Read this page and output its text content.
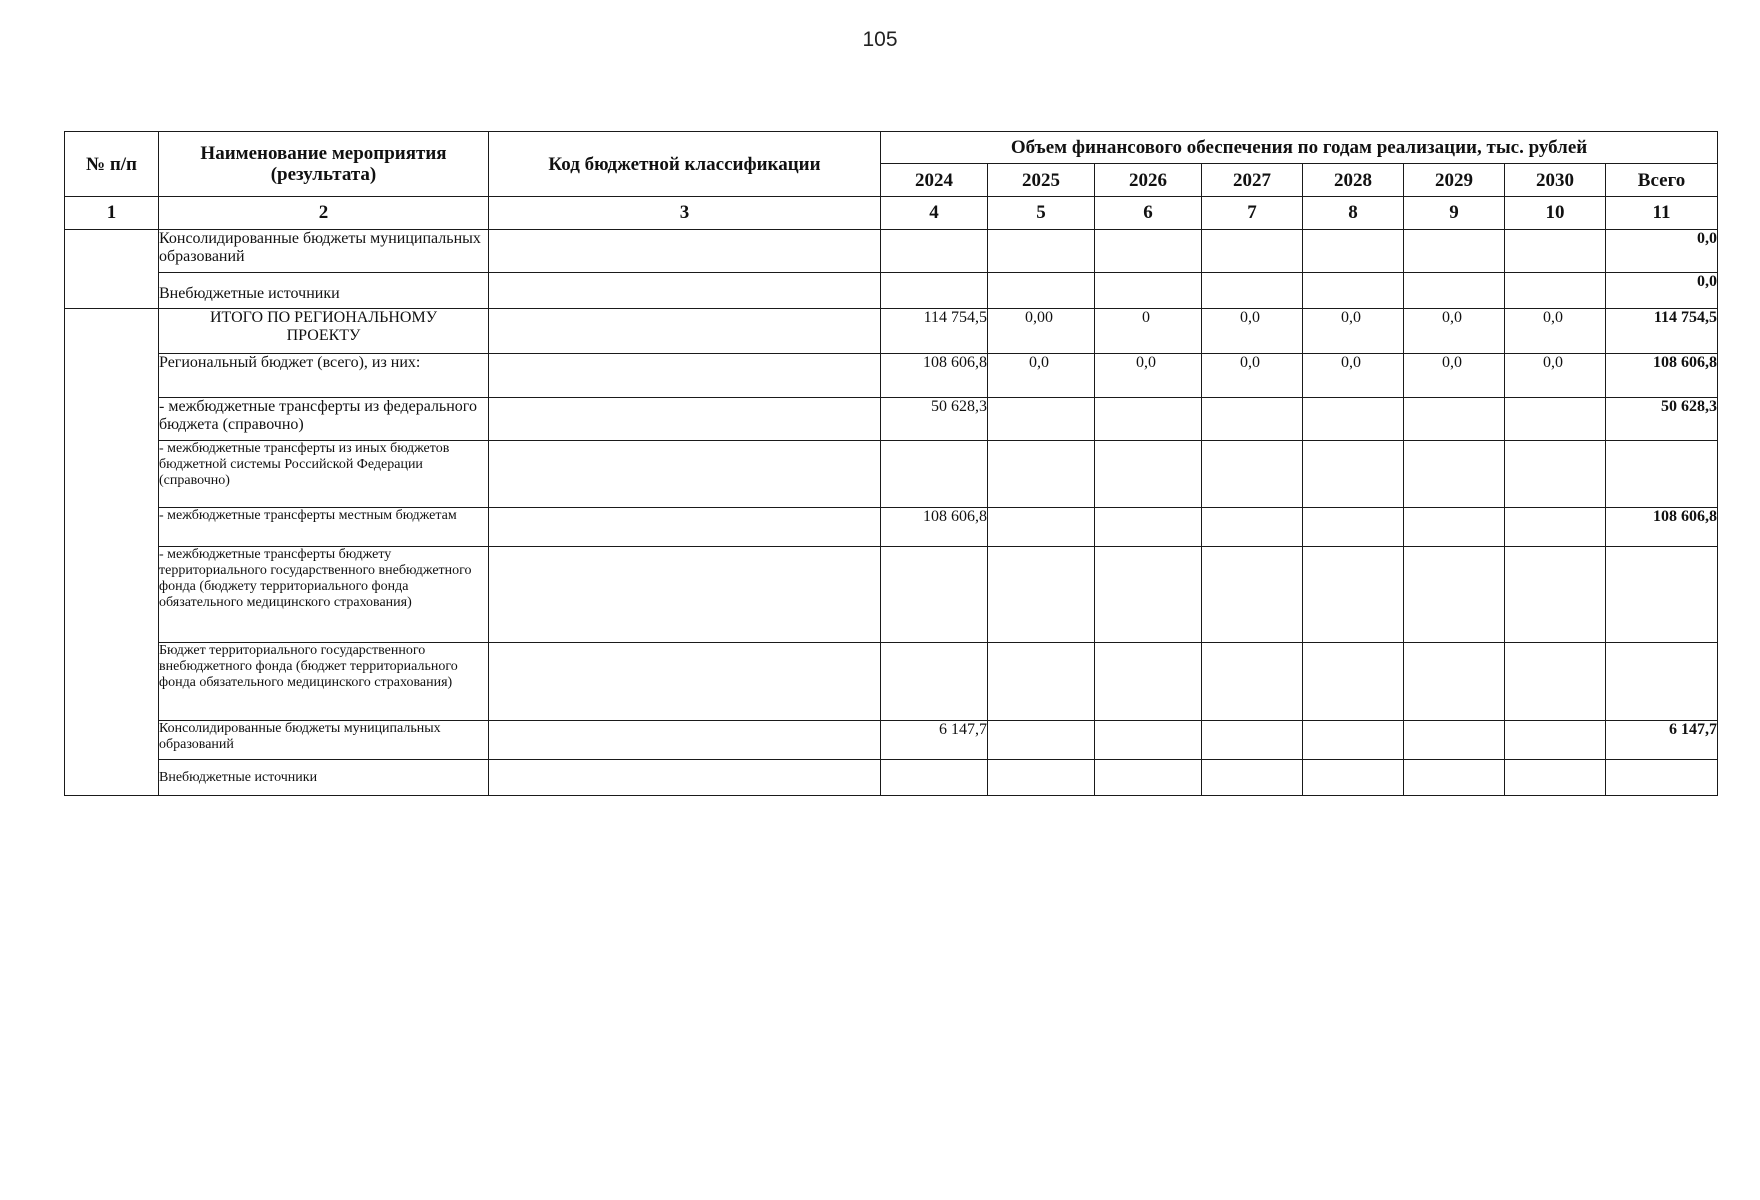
105
№ п/п	Наименование мероприятия (результата)	Код бюджетной классификации	Объем финансового обеспечения по годам реализации, тыс. рублей							
			2024	2025	2026	2027	2028	2029	2030	Всего
1	2	3	4	5	6	7	8	9	10	11
	Консолидированные бюджеты муниципальных образований									0,0
	Внебюджетные источники									0,0
	ИТОГО ПО РЕГИОНАЛЬНОМУ ПРОЕКТУ		114 754,5	0,00	0	0,0	0,0	0,0	0,0	114 754,5
	Региональный бюджет (всего), из них:		108 606,8	0,0	0,0	0,0	0,0	0,0	0,0	108 606,8
	- межбюджетные трансферты из федерального бюджета (справочно)		50 628,3							50 628,3
	- межбюджетные трансферты из иных бюджетов бюджетной системы Российской Федерации (справочно)									
	- межбюджетные трансферты местным бюджетам		108 606,8							108 606,8
	- межбюджетные трансферты бюджету территориального государственного внебюджетного фонда (бюджету территориального фонда обязательного медицинского страхования)									
	Бюджет территориального государственного внебюджетного фонда (бюджет территориального фонда обязательного медицинского страхования)									
	Консолидированные бюджеты муниципальных образований		6 147,7							6 147,7
	Внебюджетные источники									
